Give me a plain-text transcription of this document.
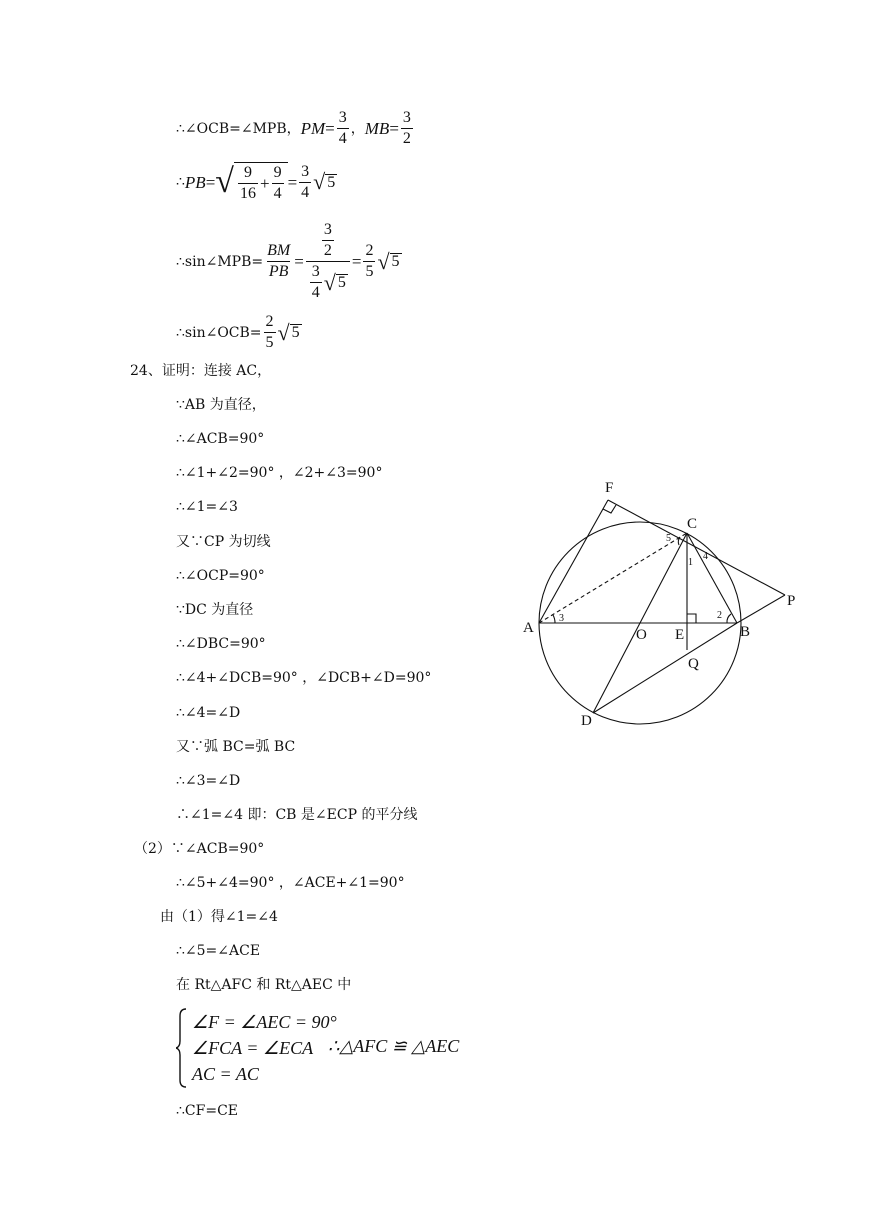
∴∠OCB=∠MPB， PM = $\frac{3}{4}$ ， MB = $\frac{3}{2}$
∴ PB = √ 9
16
+ $\frac{9}{4} = \frac{3}{4}$ √ 5
∴sin∠MPB= $\frac{BM}{PB} = \frac{3}{2}$
3
4 √ $5 = \frac{2}{5}$ √ 5
∴sin∠OCB= $\frac{2}{5}$ √ 5
24、证明：连接 AC，
∵AB 为直径，
∴∠ACB=90°
∴∠1+∠2=90° ，∠2+∠3=90°
∴∠1=∠3
又∵CP 为切线
∴∠OCP=90°
∵DC 为直径
∴∠DBC=90°
∴∠4+∠DCB=90° ，∠DCB+∠D=90°
∴∠4=∠D
又∵弧 BC=弧 BC
∴∠3=∠D
∴∠1=∠4 即：CB 是∠ECP 的平分线
（2）∵∠ACB=90°
∴∠5+∠4=90° ，∠ACE+∠1=90°
由（1）得∠1=∠4
∴∠5=∠ACE
在 Rt△AFC 和 Rt△AEC 中
∠F = ∠AEC = 90°
∠FCA = ∠ECA
AC = AC
∴△AFC ≌ △AEC
∴CF=CE
F
C
P
A	O E	B
Q
D
1
2
3
4
5
